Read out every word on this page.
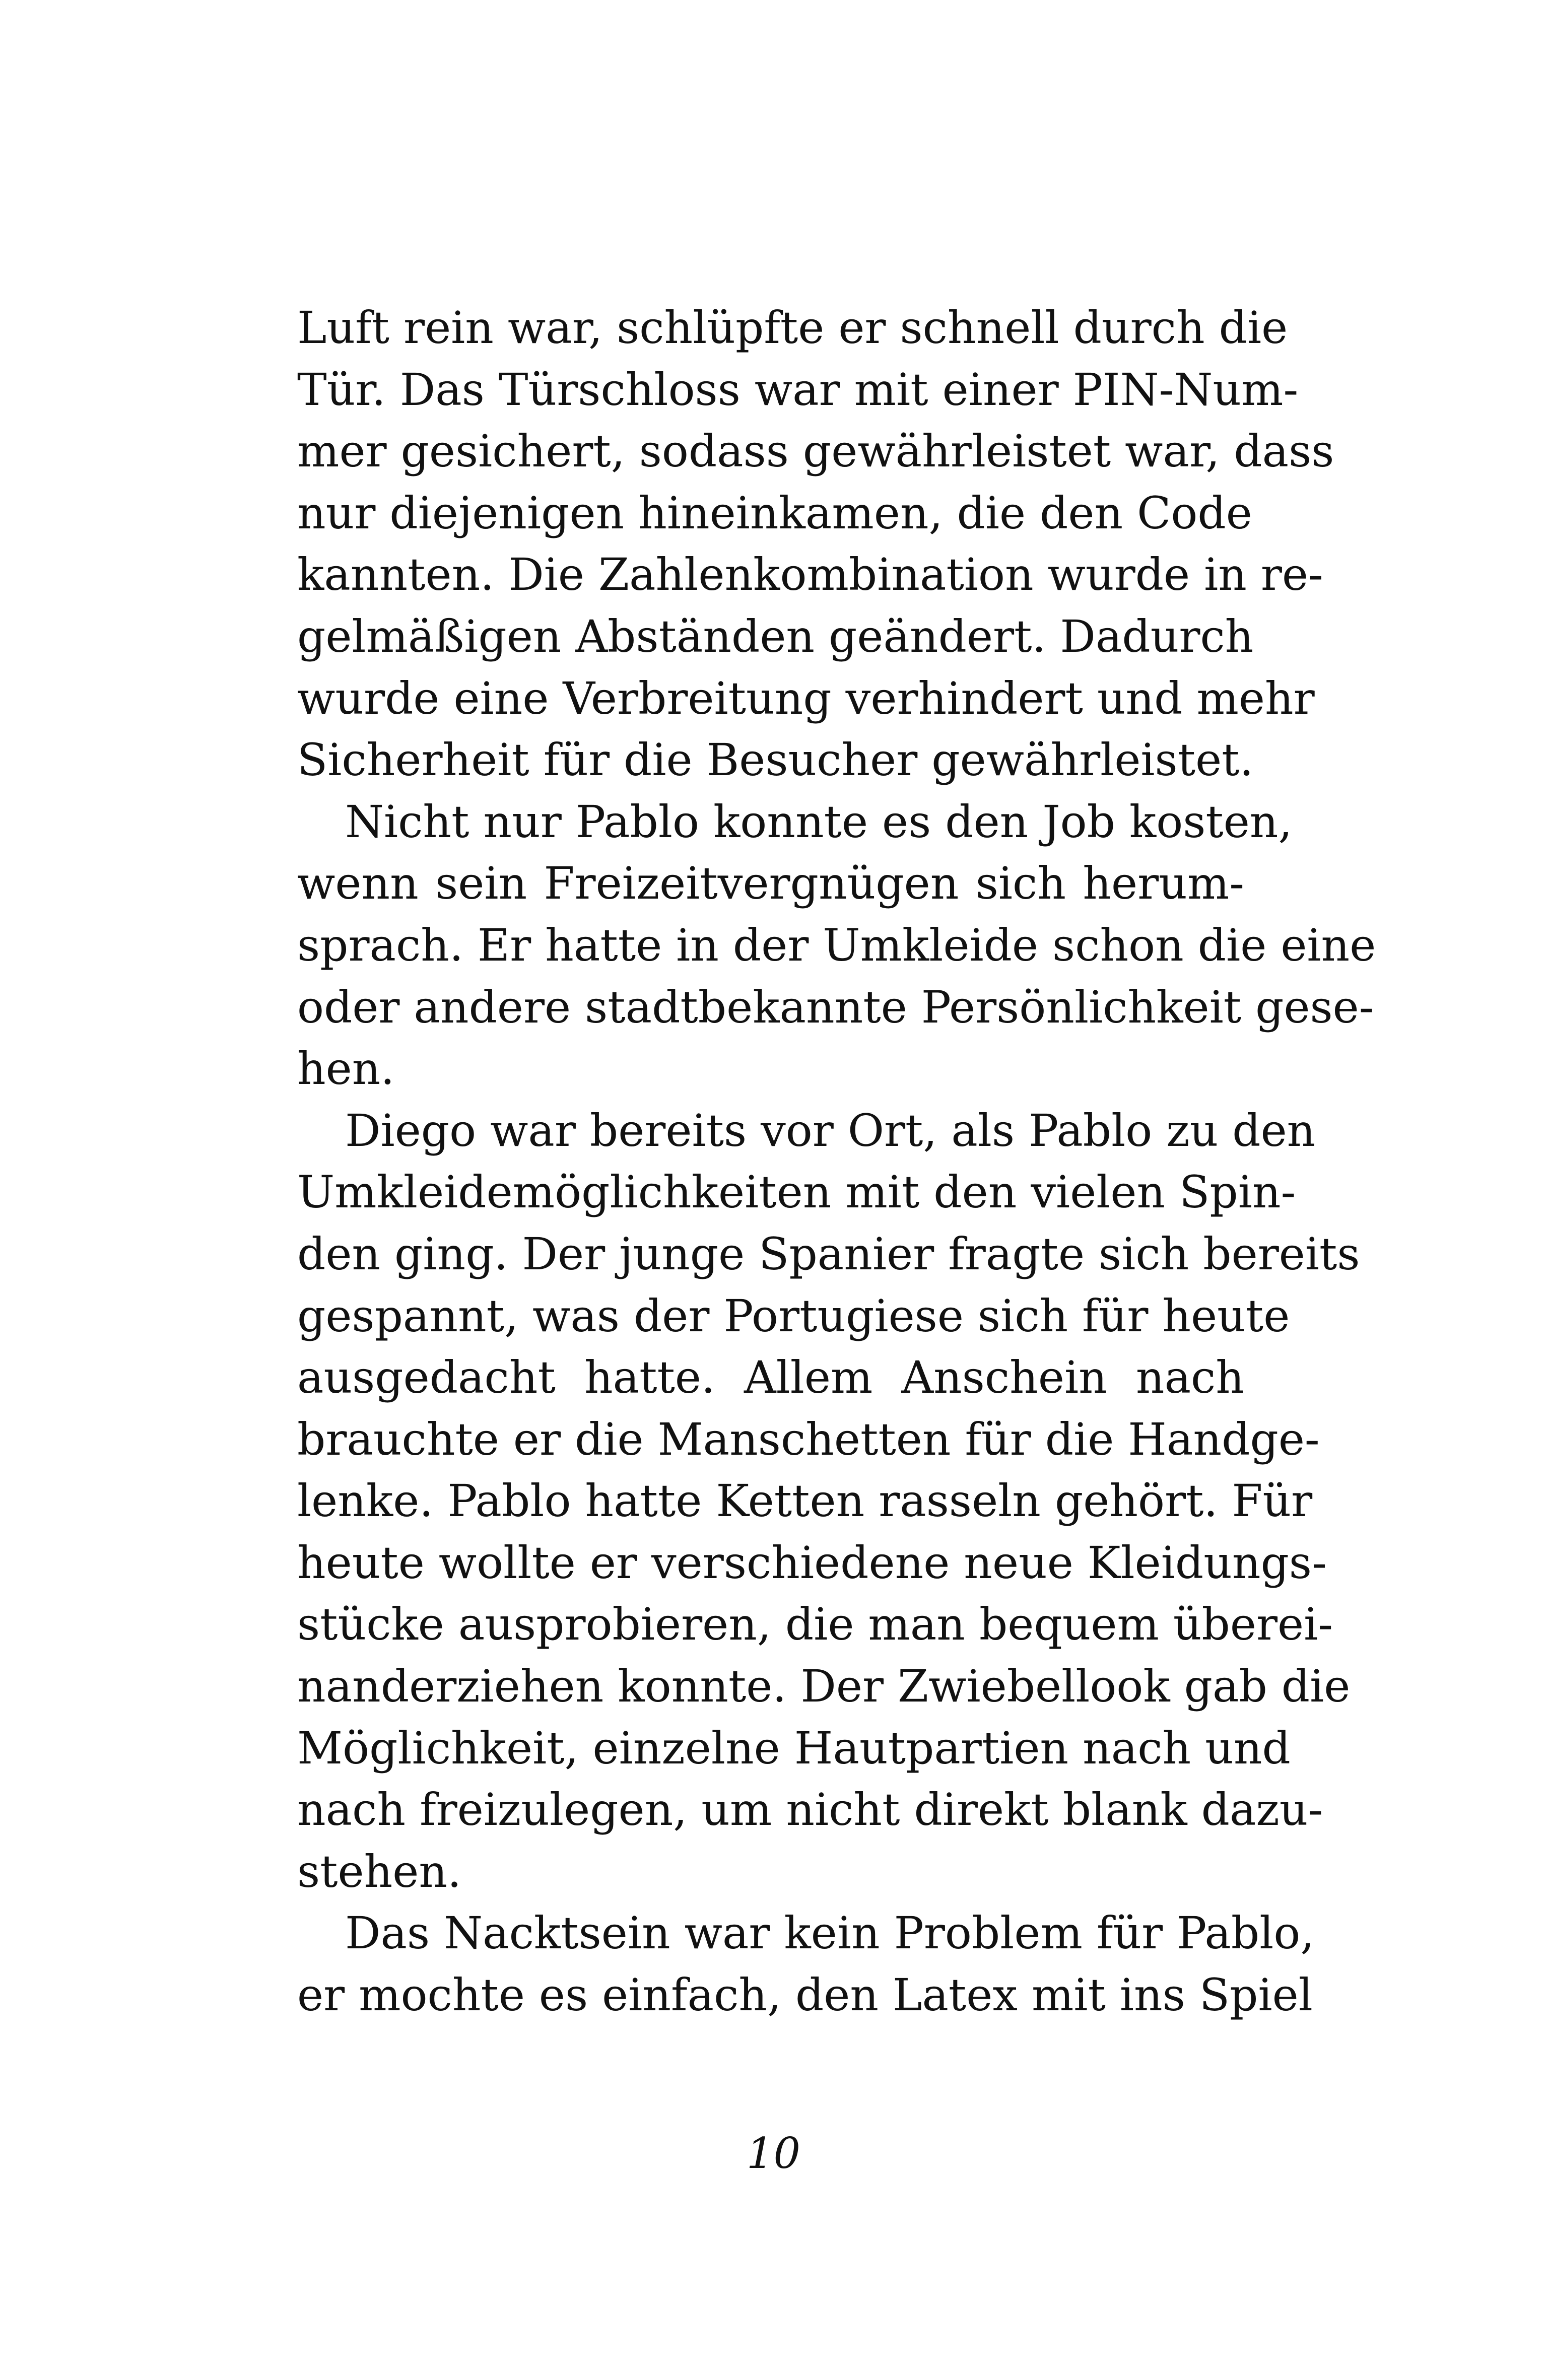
Luft rein war, schlüpfte er schnell durch die
Tür. Das Türschloss war mit einer PIN-Num-
mer gesichert, sodass gewährleistet war, dass
nur diejenigen hineinkamen, die den Code
kannten. Die Zahlenkombination wurde in re-
gelmäßigen Abständen geändert. Dadurch
wurde eine Verbreitung verhindert und mehr
Sicherheit für die Besucher gewährleistet.
Nicht nur Pablo konnte es den Job kosten,
wenn sein Freizeitvergnügen sich herum-
sprach. Er hatte in der Umkleide schon die eine
oder andere stadtbekannte Persönlichkeit gese-
hen.
Diego war bereits vor Ort, als Pablo zu den
Umkleidemöglichkeiten mit den vielen Spin-
den ging. Der junge Spanier fragte sich bereits
gespannt, was der Portugiese sich für heute
ausgedacht hatte. Allem Anschein nach
brauchte er die Manschetten für die Handge-
lenke. Pablo hatte Ketten rasseln gehört. Für
heute wollte er verschiedene neue Kleidungs-
stücke ausprobieren, die man bequem überei-
nanderziehen konnte. Der Zwiebellook gab die
Möglichkeit, einzelne Hautpartien nach und
nach freizulegen, um nicht direkt blank dazu-
stehen.
Das Nacktsein war kein Problem für Pablo,
er mochte es einfach, den Latex mit ins Spiel
10
